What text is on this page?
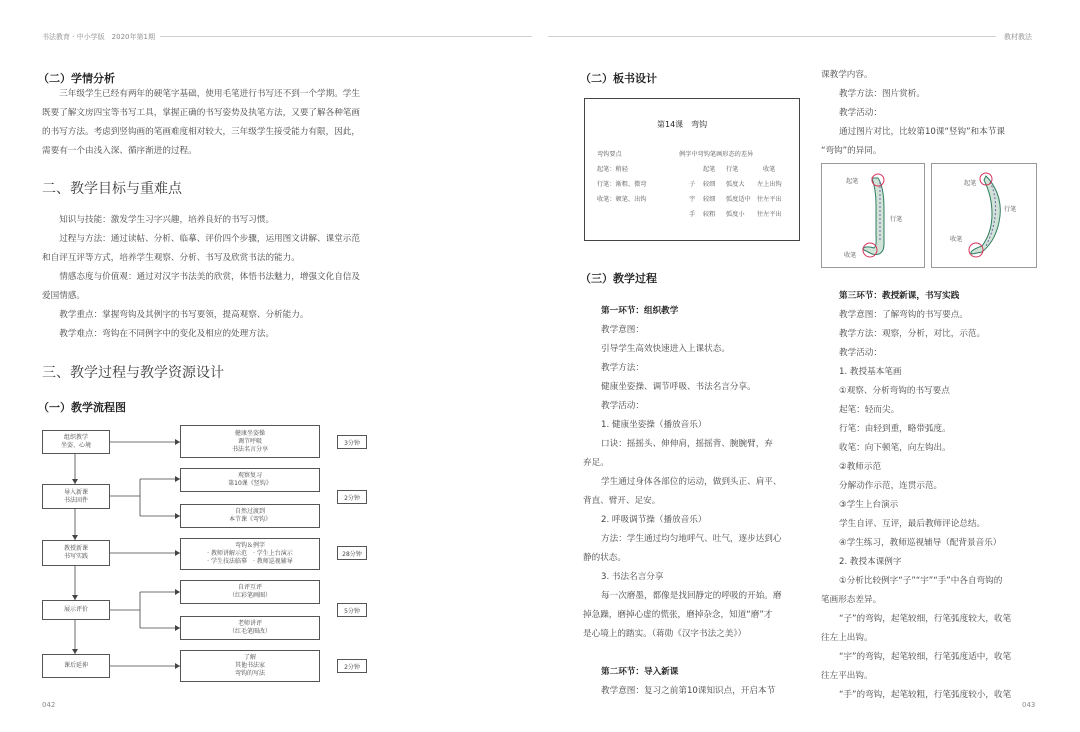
书法教育 · 中小学版　2020年第1期	教材教法
（二）学情分析

三年级学生已经有两年的硬笔字基础，使用毛笔进行书写还不到一个学期。学生既要了解文房四宝等书写工具，掌握正确的书写姿势及执笔方法，又要了解各种笔画的书写方法。考虑到竖钩画的笔画难度相对较大，三年级学生接受能力有限，因此，需要有一个由浅入深、循序渐进的过程。

二、教学目标与重难点

知识与技能：激发学生习字兴趣，培养良好的书写习惯。

过程与方法：通过读帖、分析、临摹、评价四个步骤，运用图文讲解、课堂示范和自评互评等方式，培养学生观察、分析、书写及欣赏书法的能力。

情感态度与价值观：通过对汉字书法美的欣赏，体悟书法魅力，增强文化自信及爱国情感。

教学重点：掌握弯钩及其例字的书写要领，提高观察、分析能力。

教学难点：弯钩在不同例字中的变化及相应的处理方法。

三、教学过程与教学资源设计
（一）教学流程图
组织教学
坐姿、心境
导入新课
书法固件
教授新课
书写实践
展示评价
课后延伸
健康坐姿操
调节呼吸
书法名言分享
观察复习
第10课《竖钩》
自然过渡到
本节课《弯钩》
弯钩＆例字
· 教师讲解示范　· 学生上台演示
· 学生技法临摹　· 教师巡视辅导
自评互评
（红彩笔画圈）
老师讲评
（红毛笔圈改）
了解
其他书法家
弯钩的写法
3分钟
2分钟
28分钟
5分钟
2分钟
042
（二）板书设计
第14课　弯钩
弯钩要点
起笔：稍轻
行笔：渐粗、微弯
收笔：顿笔、出钩
例字中弯钩笔画形态的差异
起笔 行笔	收笔
子 较细 弧度大 左上出钩
宇 较细 弧度适中 往左平出
手 较粗 弧度小 往左平出
（三）教学过程
第一环节：组织教学
教学意图：
引导学生高效快速进入上课状态。
教学方法：
健康坐姿操、调节呼吸、书法名言分享。
教学活动：
1. 健康坐姿操（播放音乐）
口诀：摇摇头、伸伸肩，摇摇背、腕腕臂，弃
弃足。
学生通过身体各部位的运动，做到头正、肩平、
背直、臂开、足安。
2. 呼吸调节操（播放音乐）
方法：学生通过均匀地呼气、吐气，逐步达到心
静的状态。
3. 书法名言分享
每一次磨墨，都像是找回静定的呼吸的开始。磨
掉急躁，磨掉心虚的慌张，磨掉杂念，知道“磨”才
是心境上的踏实。（蒋勋《汉字书法之美》）

第二环节：导入新课
教学意图：复习之前第10课知识点，开启本节
课教学内容。
教学方法：图片赏析。
教学活动：
通过图片对比，比较第10课“竖钩”和本节课
“弯钩”的异同。
起笔
行笔
收笔
起笔
行笔
收笔
第三环节：教授新课，书写实践
教学意图：了解弯钩的书写要点。
教学方法：观察，分析，对比，示范。
教学活动：
1. 教授基本笔画
①观察、分析弯钩的书写要点
起笔：轻而尖。
行笔：由轻到重，略带弧度。
收笔：向下顿笔，向左钩出。
②教师示范
分解动作示范，连贯示范。
③学生上台演示
学生自评、互评，最后教师评论总结。
④学生练习，教师巡视辅导（配背景音乐）
2. 教授本课例字
①分析比较例字“子”“宇”“手”中各自弯钩的
笔画形态差异。
“子”的弯钩，起笔较细，行笔弧度较大，收笔
往左上出钩。
“宇”的弯钩，起笔较细，行笔弧度适中，收笔
往左平出钩。
“手”的弯钩，起笔较粗，行笔弧度较小，收笔
043
